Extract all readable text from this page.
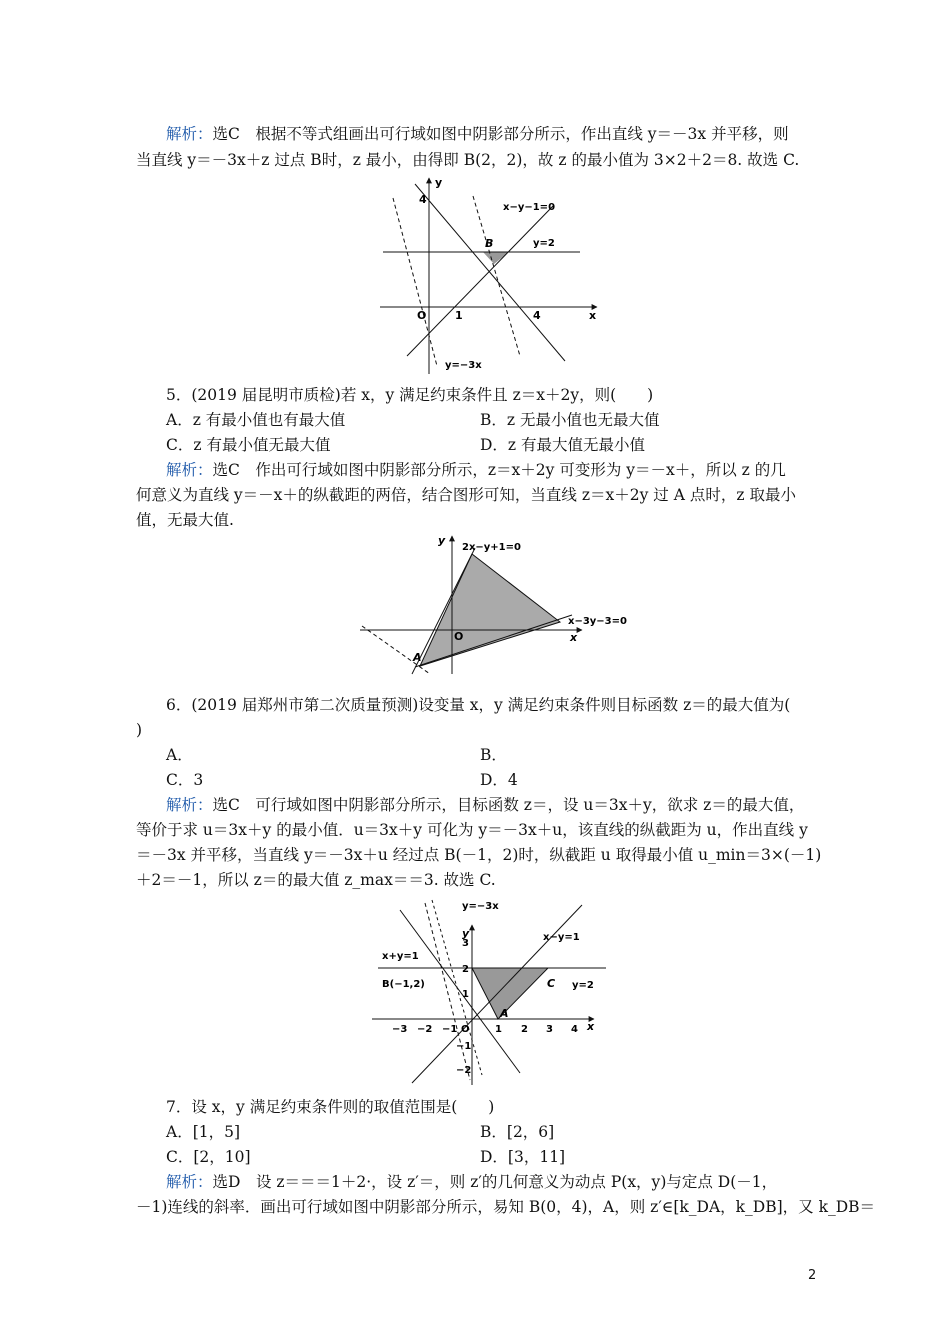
解析：选C　根据不等式组画出可行域如图中阴影部分所示，作出直线 y＝－3x 并平移，则
当直线 y＝－3x＋z 过点 B时，z 最小，由得即 B(2，2)，故 z 的最小值为 3×2＋2＝8. 故选 C.
y
x
O
4
1	4
B
x−y−1=0
y=2
y=−3x
5．(2019 届昆明市质检)若 x，y 满足约束条件且 z＝x＋2y，则(　　)
A．z 有最小值也有最大值	B．z 无最小值也无最大值
C．z 有最小值无最大值	D．z 有最大值无最小值
解析：选C　作出可行域如图中阴影部分所示，z＝x＋2y 可变形为 y＝－x＋，所以 z 的几
何意义为直线 y＝－x＋的纵截距的两倍，结合图形可知，当直线 z＝x＋2y 过 A 点时，z 取最小
值，无最大值.
y
x
O
A
2x−y+1=0
x−3y−3=0
6．(2019 届郑州市第二次质量预测)设变量 x，y 满足约束条件则目标函数 z＝的最大值为(
)
A．	B．
C．3	D．4
解析：选C　可行域如图中阴影部分所示，目标函数 z＝，设 u＝3x＋y，欲求 z＝的最大值，
等价于求 u＝3x＋y 的最小值．u＝3x＋y 可化为 y＝－3x＋u，该直线的纵截距为 u，作出直线 y
＝－3x 并平移，当直线 y＝－3x＋u 经过点 B(－1，2)时，纵截距 u 取得最小值 u_min＝3×(－1)
＋2＝－1，所以 z＝的最大值 z_max＝＝3. 故选 C.
y
x
y=−3x
x−y=1
x+y=1
y=2
B(−1,2)	C
A
−3 −2 −1 O	1 2 3 4
3
2
1
−1
−2
7．设 x，y 满足约束条件则的取值范围是(　　)
A．[1，5]	B．[2，6]
C．[2，10]	D．[3，11]
解析：选D　设 z＝＝＝1＋2·，设 z′＝，则 z′的几何意义为动点 P(x，y)与定点 D(－1，
－1)连线的斜率．画出可行域如图中阴影部分所示，易知 B(0，4)，A，则 z′∈[k_DA，k_DB]，又 k_DB＝
2
